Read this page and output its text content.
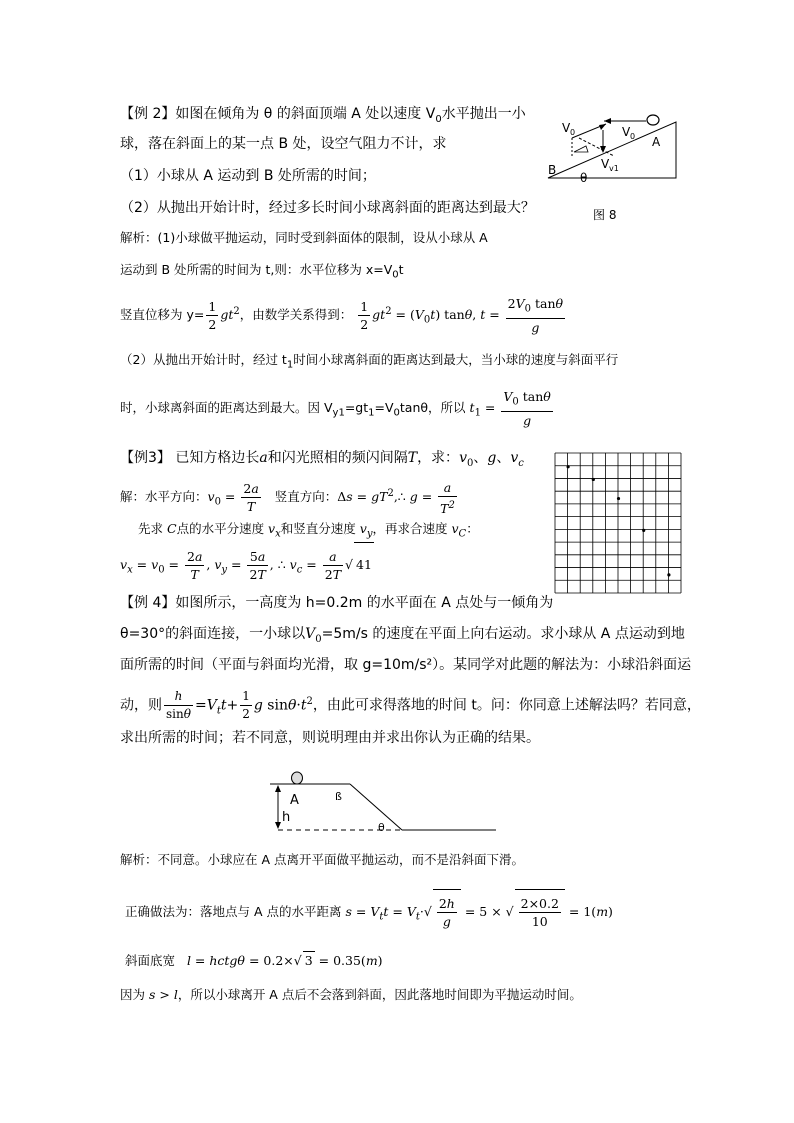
【例 2】如图在倾角为 θ 的斜面顶端 A 处以速度 $V_0$水平抛出一小
球，落在斜面上的某一点 B 处，设空气阻力不计，求
（1）小球从 A 运动到 B 处所需的时间；
（2）从抛出开始计时，经过多长时间小球离斜面的距离达到最大？
解析：(1)小球做平抛运动，同时受到斜面体的限制，设从小球从 A
运动到 B 处所需的时间为 t,则：水平位移为 $x=V_0t$
竖直位移为 $y= \frac{1}{2} gt^2$，由数学关系得到： $\frac{1}{2} gt^2 = (V_0t)$ tanθ, $t = \frac{2V_0 \tan\theta}{g}$
（2）从抛出开始计时，经过 $t_1$时间小球离斜面的距离达到最大，当小球的速度与斜面平行
时，小球离斜面的距离达到最大。因 $V_{y1}=gt_1=V_0\tan\theta$，所以 $t_1 = \frac{V_0 \tan\theta}{g}$
V 0	V 0 A
B
θ
V v1
图 8
【例3】 已知方格边长a和闪光照相的频闪间隔T，求：$v_0$、g、$v_c$
解：水平方向：$v_0 = \frac{2a}{T}$ 竖直方向：$\Delta s = gT^2,\therefore$ $g = \frac{a}{T^2}$
先求 C点的水平分速度 $v_x$和竖直分速度 $v_y$，再求合速度 $v_C$：
$v_x = v_0 = \frac{2a}{T}$ , $v_y = \frac{5a}{2T}$ , ∴ $v_c = \frac{a}{2T}$ √ 41
【例 4】如图所示，一高度为 h=0.2m 的水平面在 A 点处与一倾角为
θ=30°的斜面连接，一小球以$V_0=5m/s$ 的速度在平面上向右运动。求小球从 A 点运动到地
面所需的时间（平面与斜面均光滑，取 g=10m/s²）。某同学对此题的解法为：小球沿斜面运
动，则 $\frac{h}{\sin\theta} =V_tt+ \frac{1}{2}$ g $\sin\theta\cdot t^2$，由此可求得落地的时间 t。问：你同意上述解法吗？若同意，
求出所需的时间；若不同意，则说明理由并求出你认为正确的结果。
A
h
ß
θ
解析：不同意。小球应在 A 点离开平面做平抛运动，而不是沿斜面下滑。
正确做法为：落地点与 A 点的水平距离 $s = V_tt = V_t\cdot√ \frac{2h}{g} = 5$ × √ $\frac{2\times 0.2}{10} = 1(m)$
斜面底宽 l = hctgθ = 0.2×√ 3 = 0.35(m)
因为 s > l，所以小球离开 A 点后不会落到斜面，因此落地时间即为平抛运动时间。
